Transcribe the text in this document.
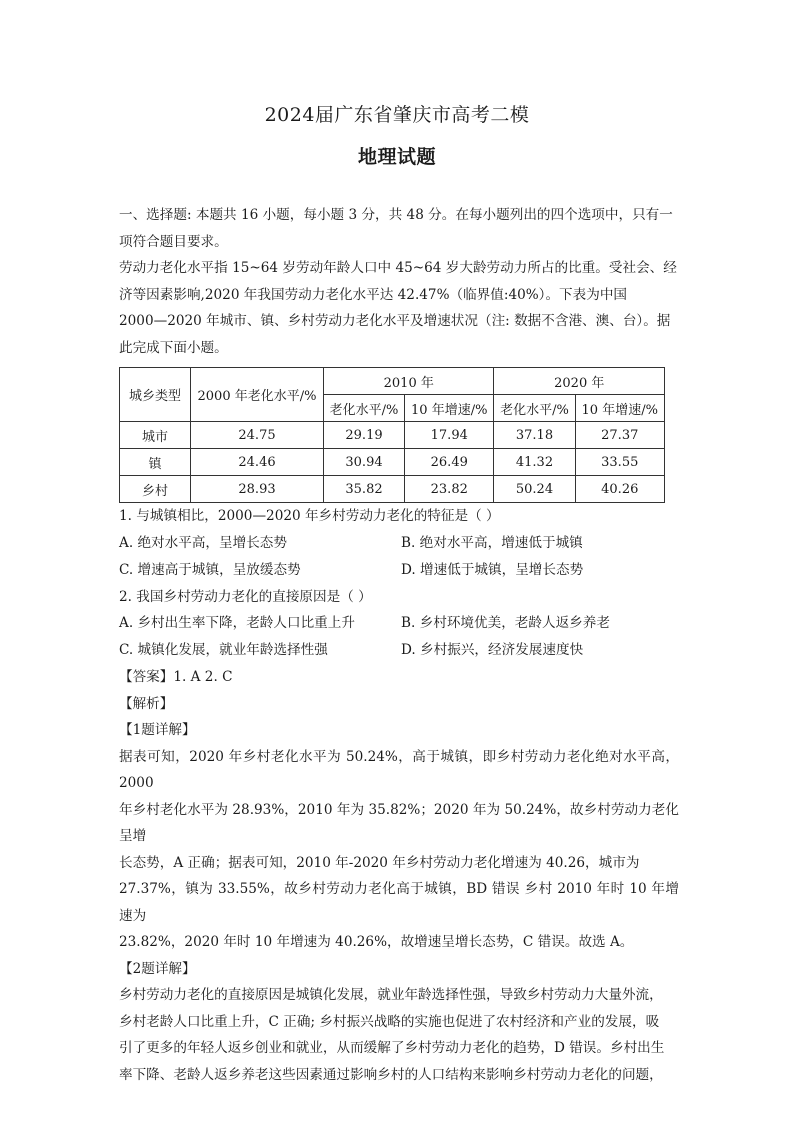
2024届广东省肇庆市高考二模
地理试题
一、选择题: 本题共 16 小题，每小题 3 分，共 48 分。在每小题列出的四个选项中，只有一
项符合题目要求。
劳动力老化水平指 15~64 岁劳动年龄人口中 45~64 岁大龄劳动力所占的比重。受社会、经
济等因素影响,2020 年我国劳动力老化水平达 42.47%（临界值:40%）。下表为中国
2000—2020 年城市、镇、乡村劳动力老化水平及增速状况（注: 数据不含港、澳、台）。据
此完成下面小题。
城乡类型	2000 年老化水平/%	2010 年		2020 年	
		老化水平/%	10 年增速/%	老化水平/%	10 年增速/%
城市	24.75	29.19	17.94	37.18	27.37
镇	24.46	30.94	26.49	41.32	33.55
乡村	28.93	35.82	23.82	50.24	40.26
1. 与城镇相比，2000—2020 年乡村劳动力老化的特征是（ ）
A. 绝对水平高，呈增长态势	B. 绝对水平高，增速低于城镇
C. 增速高于城镇，呈放缓态势	D. 增速低于城镇，呈增长态势
2. 我国乡村劳动力老化的直接原因是（ ）
A. 乡村出生率下降，老龄人口比重上升	B. 乡村环境优美，老龄人返乡养老
C. 城镇化发展，就业年龄选择性强	D. 乡村振兴，经济发展速度快
【答案】1. A 2. C
【解析】
【1题详解】
据表可知，2020 年乡村老化水平为 50.24%，高于城镇，即乡村劳动力老化绝对水平高，2000
年乡村老化水平为 28.93%，2010 年为 35.82%；2020 年为 50.24%，故乡村劳动力老化呈增
长态势，A 正确；据表可知，2010 年-2020 年乡村劳动力老化增速为 40.26，城市为
27.37%，镇为 33.55%，故乡村劳动力老化高于城镇，BD 错误 乡村 2010 年时 10 年增速为
23.82%，2020 年时 10 年增速为 40.26%，故增速呈增长态势，C 错误。故选 A。
【2题详解】
乡村劳动力老化的直接原因是城镇化发展，就业年龄选择性强，导致乡村劳动力大量外流，
乡村老龄人口比重上升，C 正确; 乡村振兴战略的实施也促进了农村经济和产业的发展，吸
引了更多的年轻人返乡创业和就业，从而缓解了乡村劳动力老化的趋势，D 错误。乡村出生
率下降、老龄人返乡养老这些因素通过影响乡村的人口结构来影响乡村劳动力老化的问题，
